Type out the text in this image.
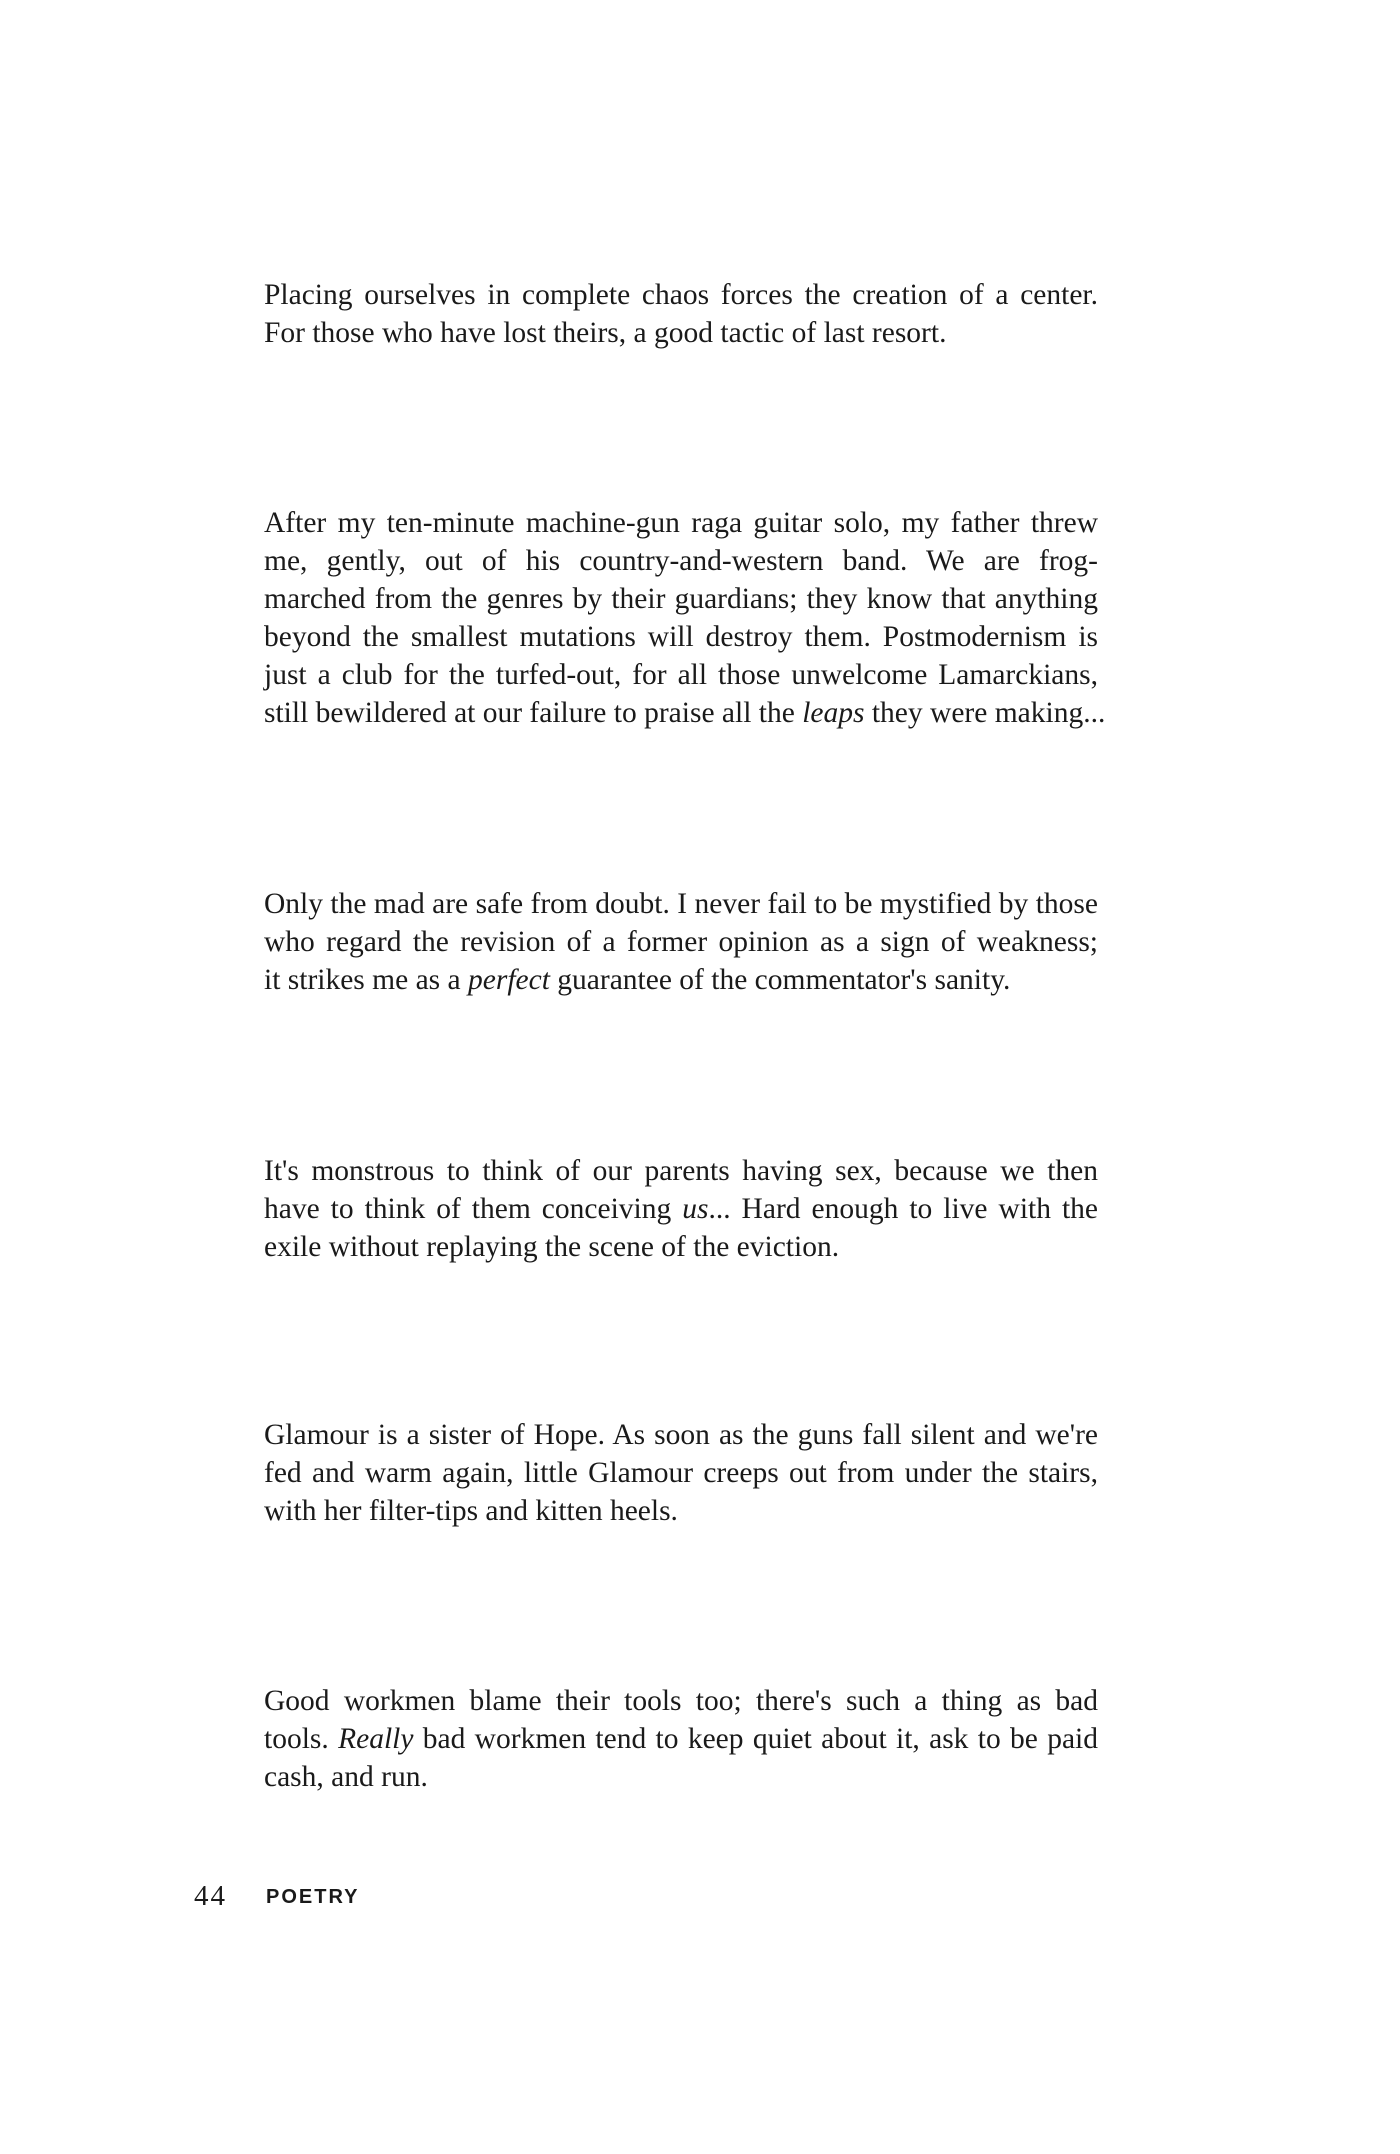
Placing ourselves in complete chaos forces the creation of a center.
For those who have lost theirs, a good tactic of last resort.

After my ten-minute machine-gun raga guitar solo, my father threw
me, gently, out of his country-and-western band. We are frog-
marched from the genres by their guardians; they know that anything
beyond the smallest mutations will destroy them. Postmodernism is
just a club for the turfed-out, for all those unwelcome Lamarckians,
still bewildered at our failure to praise all the leaps they were making...

Only the mad are safe from doubt. I never fail to be mystified by those
who regard the revision of a former opinion as a sign of weakness;
it strikes me as a perfect guarantee of the commentator's sanity.

It's monstrous to think of our parents having sex, because we then
have to think of them conceiving us... Hard enough to live with the
exile without replaying the scene of the eviction.

Glamour is a sister of Hope. As soon as the guns fall silent and we're
fed and warm again, little Glamour creeps out from under the stairs,
with her filter-tips and kitten heels.

Good workmen blame their tools too; there's such a thing as bad
tools. Really bad workmen tend to keep quiet about it, ask to be paid
cash, and run.

44 POETRY
